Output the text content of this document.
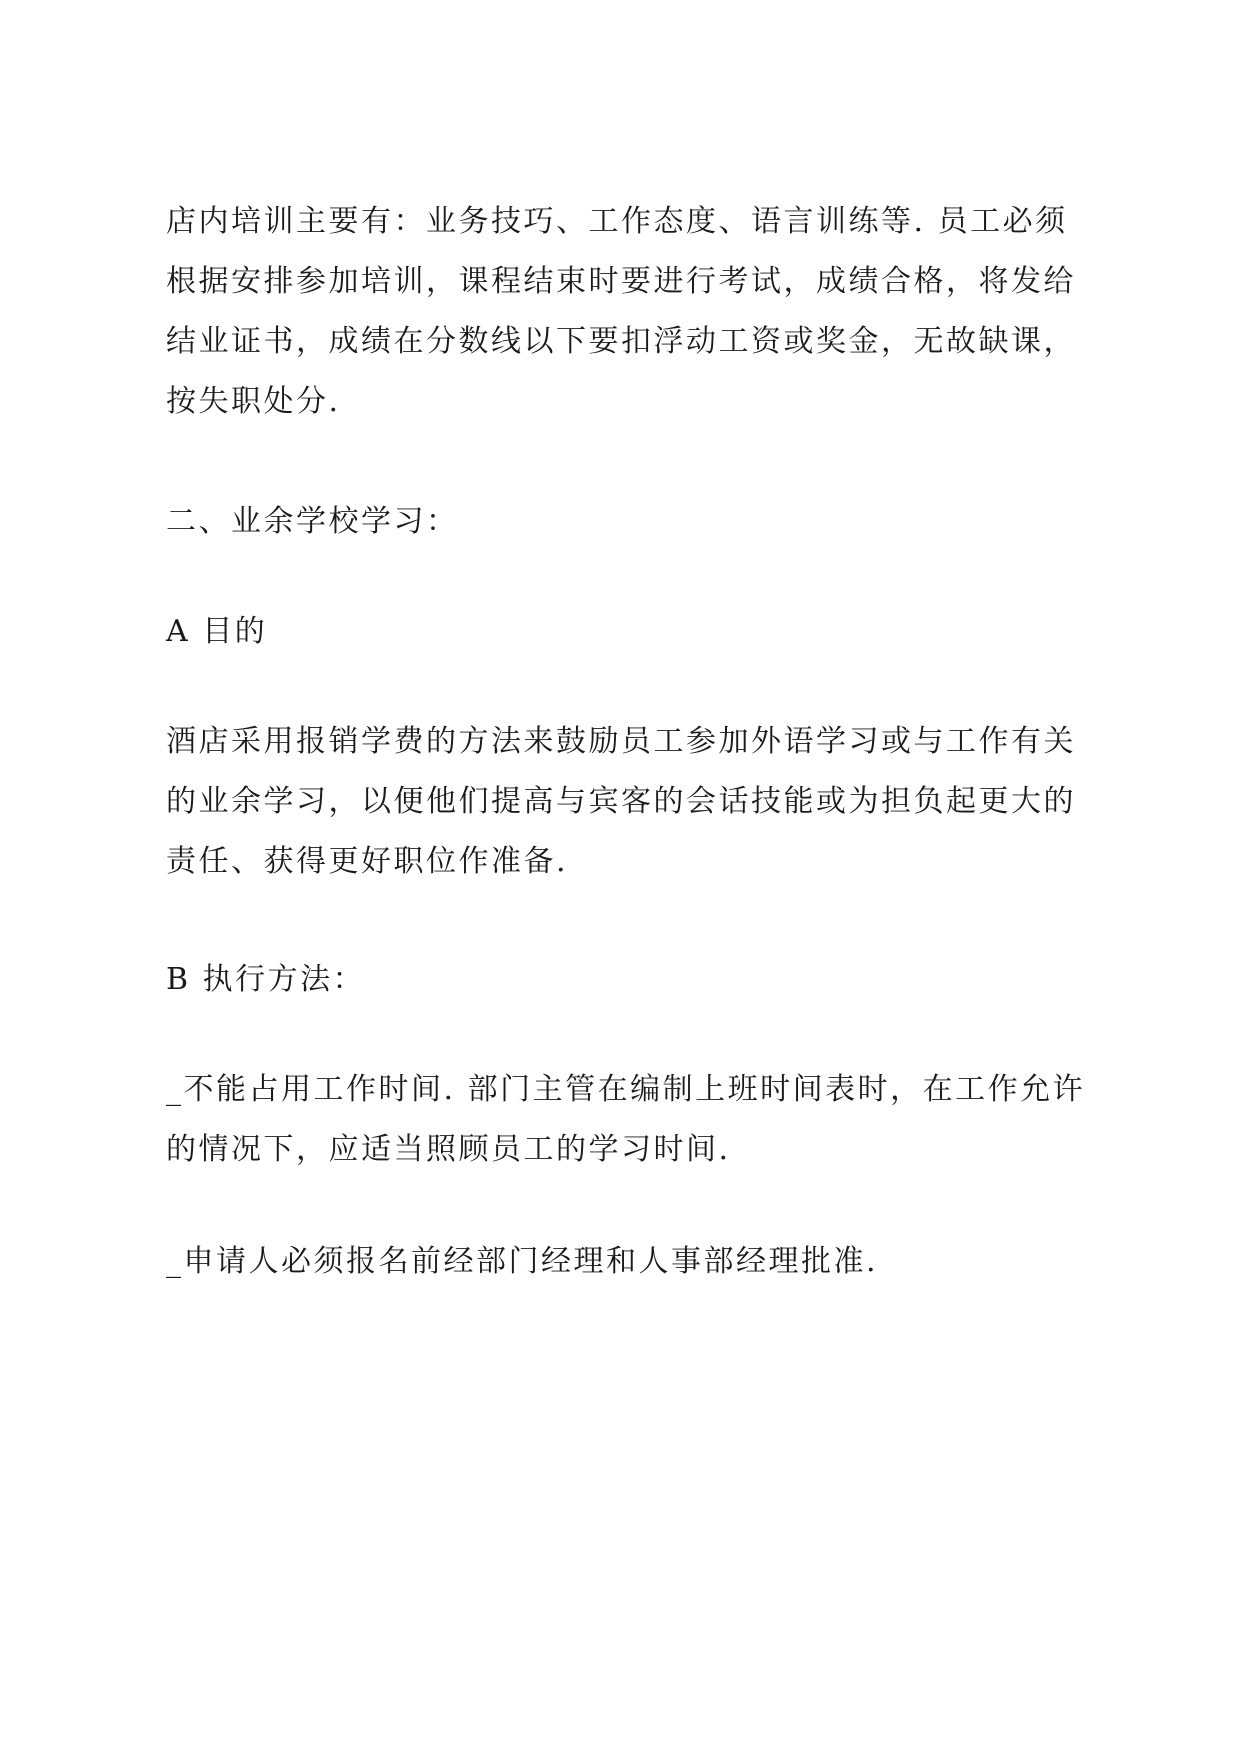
店内培训主要有：业务技巧、工作态度、语言训练等. 员工必须根据安排参加培训，课程结束时要进行考试，成绩合格，将发给结业证书，成绩在分数线以下要扣浮动工资或奖金，无故缺课，按失职处分.

二、业余学校学习：
A 目的

酒店采用报销学费的方法来鼓励员工参加外语学习或与工作有关的业余学习，以便他们提高与宾客的会话技能或为担负起更大的责任、获得更好职位作准备.

B 执行方法：

_不能占用工作时间. 部门主管在编制上班时间表时，在工作允许的情况下，应适当照顾员工的学习时间.

_申请人必须报名前经部门经理和人事部经理批准.
